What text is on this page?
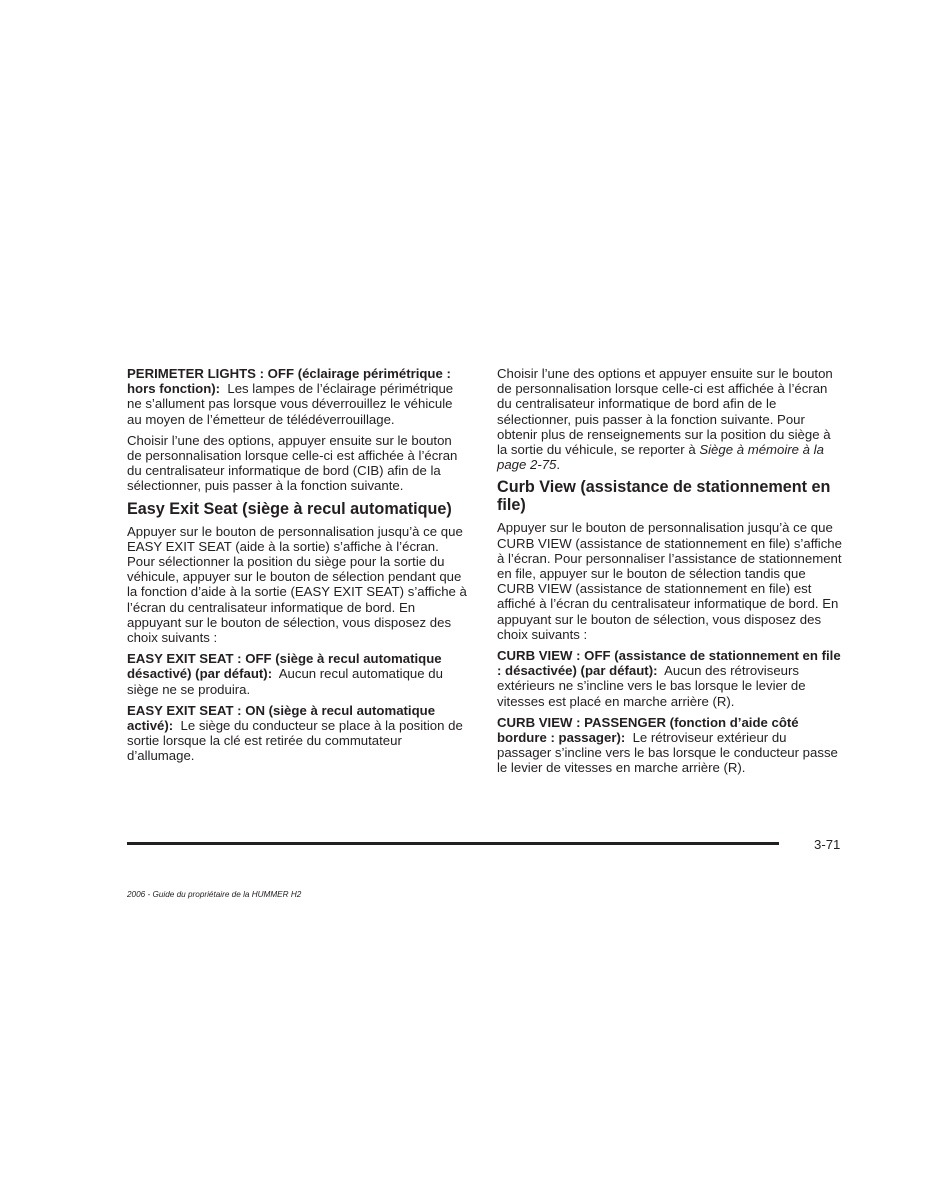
PERIMETER LIGHTS : OFF (éclairage périmétrique : hors fonction): Les lampes de l’éclairage périmétrique ne s’allument pas lorsque vous déverrouillez le véhicule au moyen de l’émetteur de télédéverrouillage.

Choisir l’une des options, appuyer ensuite sur le bouton de personnalisation lorsque celle-ci est affichée à l’écran du centralisateur informatique de bord (CIB) afin de la sélectionner, puis passer à la fonction suivante.

Easy Exit Seat (siège à recul automatique)

Appuyer sur le bouton de personnalisation jusqu’à ce que EASY EXIT SEAT (aide à la sortie) s’affiche à l’écran. Pour sélectionner la position du siège pour la sortie du véhicule, appuyer sur le bouton de sélection pendant que la fonction d’aide à la sortie (EASY EXIT SEAT) s’affiche à l’écran du centralisateur informatique de bord. En appuyant sur le bouton de sélection, vous disposez des choix suivants :

EASY EXIT SEAT : OFF (siège à recul automatique désactivé) (par défaut): Aucun recul automatique du siège ne se produira.

EASY EXIT SEAT : ON (siège à recul automatique activé): Le siège du conducteur se place à la position de sortie lorsque la clé est retirée du commutateur d’allumage.

Choisir l’une des options et appuyer ensuite sur le bouton de personnalisation lorsque celle-ci est affichée à l’écran du centralisateur informatique de bord afin de le sélectionner, puis passer à la fonction suivante. Pour obtenir plus de renseignements sur la position du siège à la sortie du véhicule, se reporter à Siège à mémoire à la page 2-75.

Curb View (assistance de stationnement en file)

Appuyer sur le bouton de personnalisation jusqu’à ce que CURB VIEW (assistance de stationnement en file) s’affiche à l’écran. Pour personnaliser l’assistance de stationnement en file, appuyer sur le bouton de sélection tandis que CURB VIEW (assistance de stationnement en file) est affiché à l’écran du centralisateur informatique de bord. En appuyant sur le bouton de sélection, vous disposez des choix suivants :

CURB VIEW : OFF (assistance de stationnement en file : désactivée) (par défaut): Aucun des rétroviseurs extérieurs ne s’incline vers le bas lorsque le levier de vitesses est placé en marche arrière (R).

CURB VIEW : PASSENGER (fonction d’aide côté bordure : passager): Le rétroviseur extérieur du passager s’incline vers le bas lorsque le conducteur passe le levier de vitesses en marche arrière (R).

3-71
2006 - Guide du propriétaire de la HUMMER H2
